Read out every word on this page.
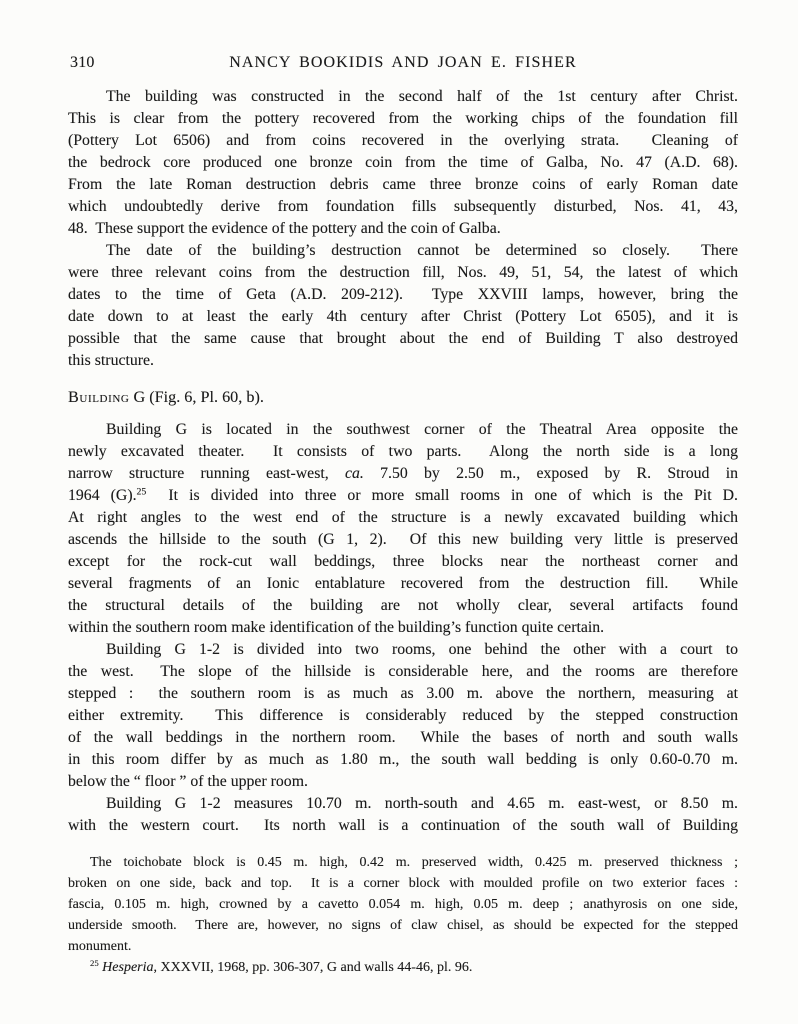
310	NANCY BOOKIDIS AND JOAN E. FISHER
The building was constructed in the second half of the 1st century after Christ.
This is clear from the pottery recovered from the working chips of the foundation fill
(Pottery Lot 6506) and from coins recovered in the overlying strata.  Cleaning of
the bedrock core produced one bronze coin from the time of Galba, No. 47 (A.D. 68).
From the late Roman destruction debris came three bronze coins of early Roman date
which undoubtedly derive from foundation fills subsequently disturbed, Nos. 41, 43,
48.  These support the evidence of the pottery and the coin of Galba.
The date of the building’s destruction cannot be determined so closely.  There
were three relevant coins from the destruction fill, Nos. 49, 51, 54, the latest of which
dates to the time of Geta (A.D. 209-212).  Type XXVIII lamps, however, bring the
date down to at least the early 4th century after Christ (Pottery Lot 6505), and it is
possible that the same cause that brought about the end of Building T also destroyed
this structure.
Building G (Fig. 6, Pl. 60, b).
Building G is located in the southwest corner of the Theatral Area opposite the
newly excavated theater.  It consists of two parts.  Along the north side is a long
narrow structure running east-west, ca. 7.50 by 2.50 m., exposed by R. Stroud in
1964 (G).$^{25}$  It is divided into three or more small rooms in one of which is the Pit D.
At right angles to the west end of the structure is a newly excavated building which
ascends the hillside to the south (G 1, 2).  Of this new building very little is preserved
except for the rock-cut wall beddings, three blocks near the northeast corner and
several fragments of an Ionic entablature recovered from the destruction fill.  While
the structural details of the building are not wholly clear, several artifacts found
within the southern room make identification of the building’s function quite certain.
Building G 1-2 is divided into two rooms, one behind the other with a court to
the west.  The slope of the hillside is considerable here, and the rooms are therefore
stepped :  the southern room is as much as 3.00 m. above the northern, measuring at
either extremity.  This difference is considerably reduced by the stepped construction
of the wall beddings in the northern room.  While the bases of north and south walls
in this room differ by as much as 1.80 m., the south wall bedding is only 0.60-0.70 m.
below the “ floor ” of the upper room.
Building G 1-2 measures 10.70 m. north-south and 4.65 m. east-west, or 8.50 m.
with the western court.  Its north wall is a continuation of the south wall of Building
The toichobate block is 0.45 m. high, 0.42 m. preserved width, 0.425 m. preserved thickness ;
broken on one side, back and top.  It is a corner block with moulded profile on two exterior faces :
fascia, 0.105 m. high, crowned by a cavetto 0.054 m. high, 0.05 m. deep ; anathyrosis on one side,
underside smooth.  There are, however, no signs of claw chisel, as should be expected for the stepped
monument.
$^{25}$ Hesperia, XXXVII, 1968, pp. 306-307, G and walls 44-46, pl. 96.
